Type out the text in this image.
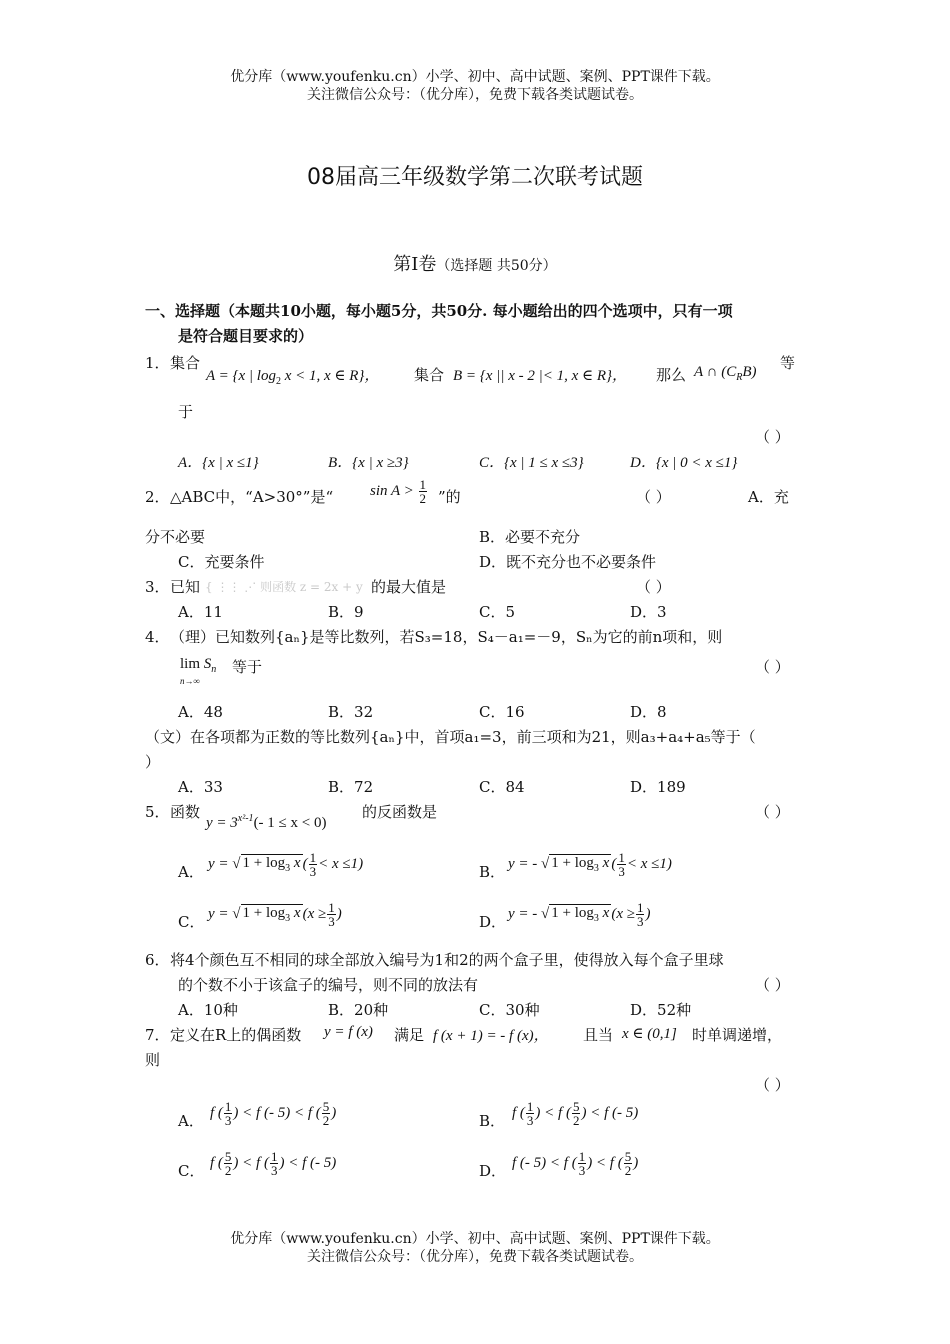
优分库（www.youfenku.cn）小学、初中、高中试题、案例、PPT课件下载。
关注微信公众号：（优分库），免费下载各类试题试卷。
08届高三年级数学第二次联考试题
第Ⅰ卷（选择题 共50分）
一、选择题（本题共10小题，每小题5分，共50分. 每小题给出的四个选项中，只有一项
是符合题目要求的）
1． 集合
A = {x | $\log_2 x < 1$, x ∈ R}， 集合 B = {x || x - 2 |< 1, x ∈ R}， 那么 A ∩ $(C_RB)$ 等
于
（ ）
A．{x | x ≤1}	B．{x | x ≥3}	C．{x | 1 ≤ x ≤3}	D．{x | 0 < x ≤1}
2． △ABC中，“A>30°”是“ $\sin A > \frac{1}{2}$ ”的	（ ）	A．充
分不必要	B．必要不充分
C．充要条件	D．既不充分也不必要条件
3． 已知 { ⋮⋮ ⋰ 则函数 z = 2x + y 的最大值是	（ ）
A．11	B．9	C．5	D．3
4． （理）已知数列{aₙ}是等比数列，若S₃=18，S₄－a₁=－9，Sₙ为它的前n项和，则
$\lim S_n$
n→∞
等于	（ ）
A．48	B．32	C．16	D．8
（文）在各项都为正数的等比数列{aₙ}中，首项a₁=3，前三项和为21，则a₃+a₄+a₅等于（
）
A．33	B．72	C．84	D．189
5． 函数
$y = 3^{x^2-1}(-$ 1 ≤ x < 0)
的反函数是	（ ）
A． y = √ $1 + \log_3 x$ ( $\frac{1}{3} < x \le 1$)	B． y = - √ $1 + \log_3 x$ ( $\frac{1}{3} < x \le 1$)
C． y = √ $1 + \log_3 x$ ($x \ge \frac{1}{3}$ )	D． y = - √ $1 + \log_3 x$ ($x \ge \frac{1}{3}$ )
6． 将4个颜色互不相同的球全部放入编号为1和2的两个盒子里，使得放入每个盒子里球
的个数不小于该盒子的编号，则不同的放法有	（ ）
A．10种	B．20种	C．30种	D．52种
7． 定义在R上的偶函数 y = f (x) 满足 f (x + 1) = - f (x)， 且当 x ∈ (0,1] 时单调递增，
则
（ ）
A． f ( $\frac{1}{3}$ ) < f (- 5) < f ( $\frac{5}{2}$ )	B． f ( $\frac{1}{3}$ ) < f ( $\frac{5}{2}$ ) < f (- 5)
C． f ( $\frac{5}{2}$ ) < f ( $\frac{1}{3}$ ) < f (- 5)	D． f (- 5) < f ( $\frac{1}{3}$ ) < f ( $\frac{5}{2}$ )
优分库（www.youfenku.cn）小学、初中、高中试题、案例、PPT课件下载。
关注微信公众号：（优分库），免费下载各类试题试卷。
